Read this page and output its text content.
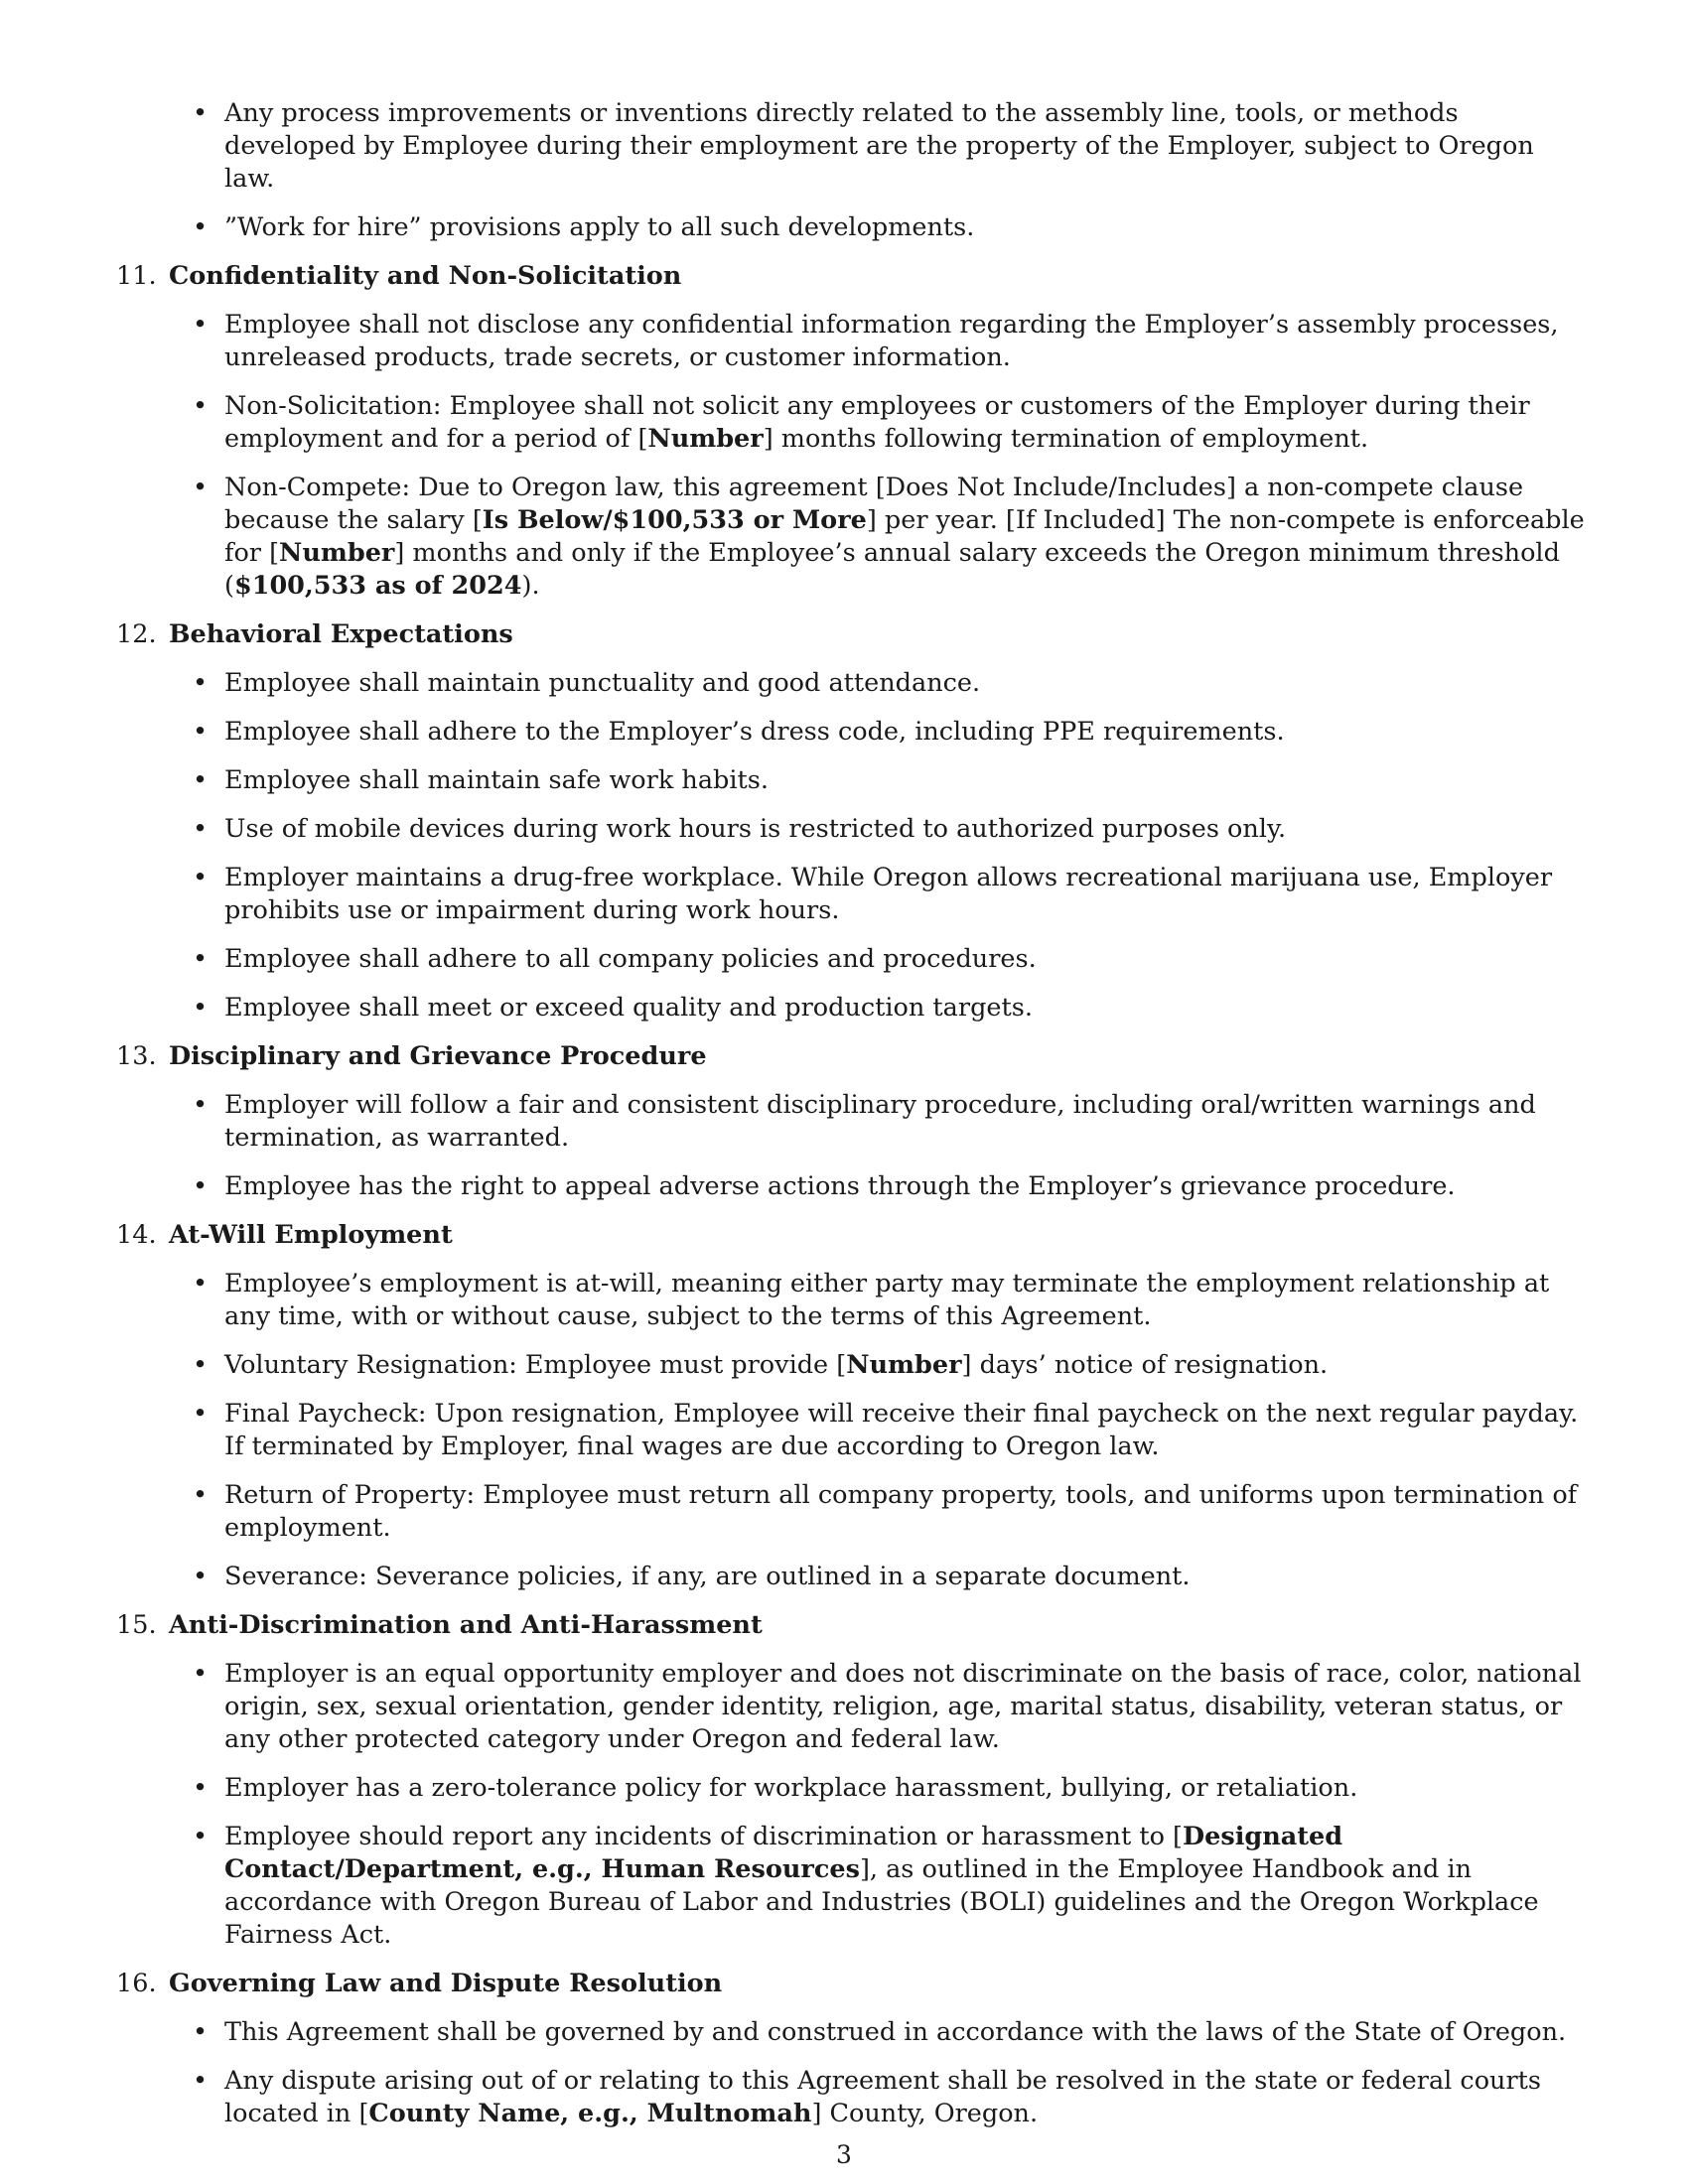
• Any process improvements or inventions directly related to the assembly line, tools, or methods developed by Employee during their employment are the property of the Employer, subject to Oregon law.
• ”Work for hire” provisions apply to all such developments.
11. Confidentiality and Non-Solicitation
• Employee shall not disclose any confidential information regarding the Employer’s assembly processes, unreleased products, trade secrets, or customer information.
• Non-Solicitation: Employee shall not solicit any employees or customers of the Employer during their employment and for a period of [Number] months following termination of employment.
• Non-Compete: Due to Oregon law, this agreement [Does Not Include/Includes] a non-compete clause because the salary [Is Below/$100,533 or More] per year. [If Included] The non-compete is enforceable for [Number] months and only if the Employee’s annual salary exceeds the Oregon minimum threshold ($100,533 as of 2024).
12. Behavioral Expectations
• Employee shall maintain punctuality and good attendance.
• Employee shall adhere to the Employer’s dress code, including PPE requirements.
• Employee shall maintain safe work habits.
• Use of mobile devices during work hours is restricted to authorized purposes only.
• Employer maintains a drug-free workplace. While Oregon allows recreational marijuana use, Employer prohibits use or impairment during work hours.
• Employee shall adhere to all company policies and procedures.
• Employee shall meet or exceed quality and production targets.
13. Disciplinary and Grievance Procedure
• Employer will follow a fair and consistent disciplinary procedure, including oral/written warnings and termination, as warranted.
• Employee has the right to appeal adverse actions through the Employer’s grievance procedure.
14. At-Will Employment
• Employee’s employment is at-will, meaning either party may terminate the employment relationship at any time, with or without cause, subject to the terms of this Agreement.
• Voluntary Resignation: Employee must provide [Number] days’ notice of resignation.
• Final Paycheck: Upon resignation, Employee will receive their final paycheck on the next regular payday. If terminated by Employer, final wages are due according to Oregon law.
• Return of Property: Employee must return all company property, tools, and uniforms upon termination of employment.
• Severance: Severance policies, if any, are outlined in a separate document.
15. Anti-Discrimination and Anti-Harassment
• Employer is an equal opportunity employer and does not discriminate on the basis of race, color, national origin, sex, sexual orientation, gender identity, religion, age, marital status, disability, veteran status, or any other protected category under Oregon and federal law.
• Employer has a zero-tolerance policy for workplace harassment, bullying, or retaliation.
• Employee should report any incidents of discrimination or harassment to [Designated Contact/Department, e.g., Human Resources], as outlined in the Employee Handbook and in accordance with Oregon Bureau of Labor and Industries (BOLI) guidelines and the Oregon Workplace Fairness Act.
16. Governing Law and Dispute Resolution
• This Agreement shall be governed by and construed in accordance with the laws of the State of Oregon.
• Any dispute arising out of or relating to this Agreement shall be resolved in the state or federal courts located in [County Name, e.g., Multnomah] County, Oregon.
3
